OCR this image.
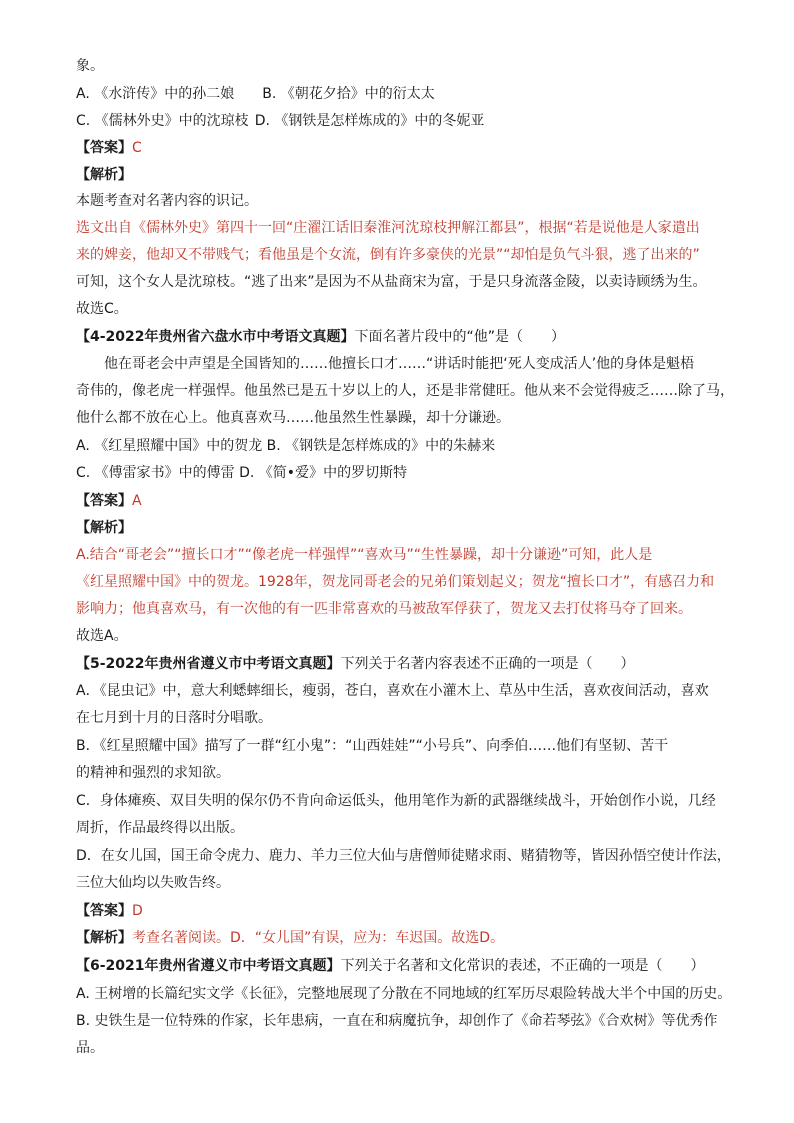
象。
A. 《水浒传》中的孙二娘 B. 《朝花夕拾》中的衍太太
C. 《儒林外史》中的沈琼枝 D. 《钢铁是怎样炼成的》中的冬妮亚
【答案】C
【解析】
本题考查对名著内容的识记。
选文出自《儒林外史》第四十一回“庄濯江话旧秦淮河沈琼枝押解江都县”，根据“若是说他是人家遣出
来的婢妾，他却又不带贱气；看他虽是个女流，倒有许多豪侠的光景”“却怕是负气斗狠，逃了出来的”
可知，这个女人是沈琼枝。“逃了出来”是因为不从盐商宋为富，于是只身流落金陵，以卖诗顾绣为生。
故选C。
【4-2022年贵州省六盘水市中考语文真题】下面名著片段中的“他”是（　　）
他在哥老会中声望是全国皆知的……他擅长口才……“讲话时能把‘死人变成活人’他的身体是魁梧
奇伟的，像老虎一样强悍。他虽然已是五十岁以上的人，还是非常健旺。他从来不会觉得疲乏……除了马，
他什么都不放在心上。他真喜欢马……他虽然生性暴躁，却十分谦逊。
A. 《红星照耀中国》中的贺龙 B. 《钢铁是怎样炼成的》中的朱赫来
C. 《傅雷家书》中的傅雷 D. 《简•爱》中的罗切斯特
【答案】A
【解析】
A.结合“哥老会”“擅长口才”“像老虎一样强悍”“喜欢马”“生性暴躁，却十分谦逊”可知，此人是
《红星照耀中国》中的贺龙。1928年，贺龙同哥老会的兄弟们策划起义；贺龙“擅长口才”，有感召力和
影响力；他真喜欢马，有一次他的有一匹非常喜欢的马被敌军俘获了，贺龙又去打仗将马夺了回来。
故选A。
【5-2022年贵州省遵义市中考语文真题】下列关于名著内容表述不正确的一项是（　　）
A．《昆虫记》中，意大利蟋蟀细长，瘦弱，苍白，喜欢在小灌木上、草丛中生活，喜欢夜间活动，喜欢
在七月到十月的日落时分唱歌。
B．《红星照耀中国》描写了一群“红小鬼”：“山西娃娃”“小号兵”、向季伯……他们有坚韧、苦干
的精神和强烈的求知欲。
C．身体瘫痪、双目失明的保尔仍不肯向命运低头，他用笔作为新的武器继续战斗，开始创作小说，几经
周折，作品最终得以出版。
D．在女儿国，国王命令虎力、鹿力、羊力三位大仙与唐僧师徒赌求雨、赌猜物等，皆因孙悟空使计作法，
三位大仙均以失败告终。
【答案】D
【解析】考查名著阅读。D．“女儿国”有误，应为：车迟国。故选D。
【6-2021年贵州省遵义市中考语文真题】下列关于名著和文化常识的表述，不正确的一项是（　　）
A. 王树增的长篇纪实文学《长征》，完整地展现了分散在不同地域的红军历尽艰险转战大半个中国的历史。
B. 史铁生是一位特殊的作家，长年患病，一直在和病魔抗争，却创作了《命若琴弦》《合欢树》等优秀作
品。
